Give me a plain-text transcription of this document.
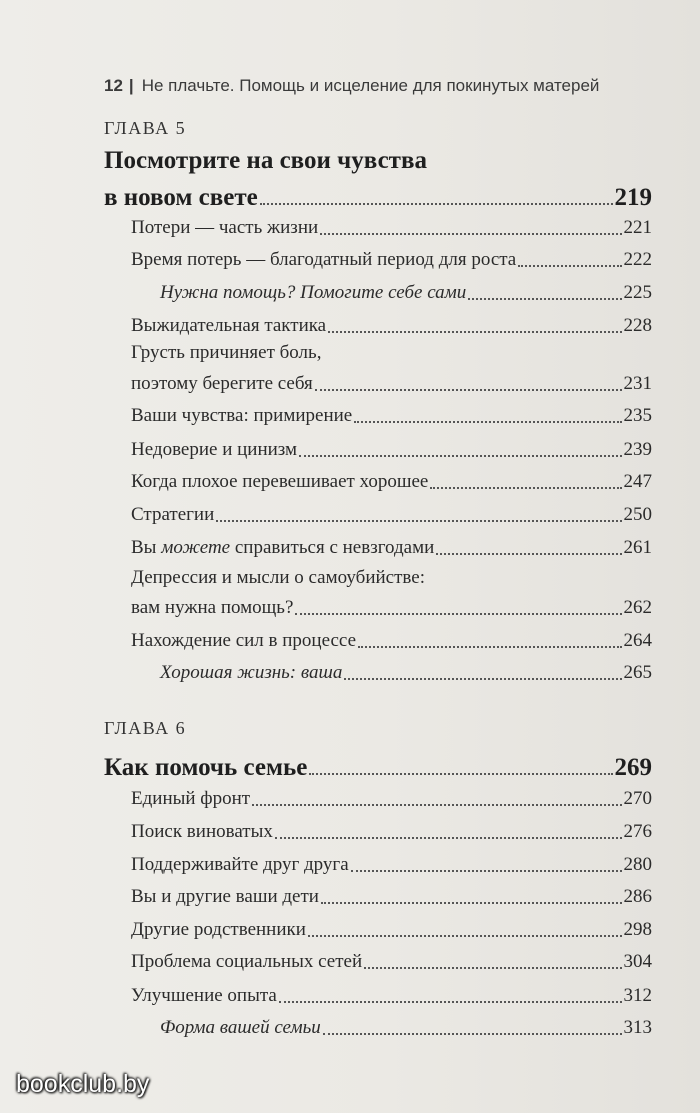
12 | Не плачьте. Помощь и исцеление для покинутых матерей
ГЛАВА 5
Посмотрите на свои чувства
в новом свете	219
Потери — часть жизни	221
Время потерь — благодатный период для роста	222
Нужна помощь? Помогите себе сами	225
Выжидательная тактика	228
Грусть причиняет боль,
поэтому берегите себя	231
Ваши чувства: примирение	235
Недоверие и цинизм	239
Когда плохое перевешивает хорошее	247
Стратегии	250
Вы можете справиться с невзгодами	261
Депрессия и мысли о самоубийстве:
вам нужна помощь?	262
Нахождение сил в процессе	264
Хорошая жизнь: ваша	265
ГЛАВА 6
Как помочь семье	269
Единый фронт	270
Поиск виноватых	276
Поддерживайте друг друга	280
Вы и другие ваши дети	286
Другие родственники	298
Проблема социальных сетей	304
Улучшение опыта	312
Форма вашей семьи	313
bookclub.by
